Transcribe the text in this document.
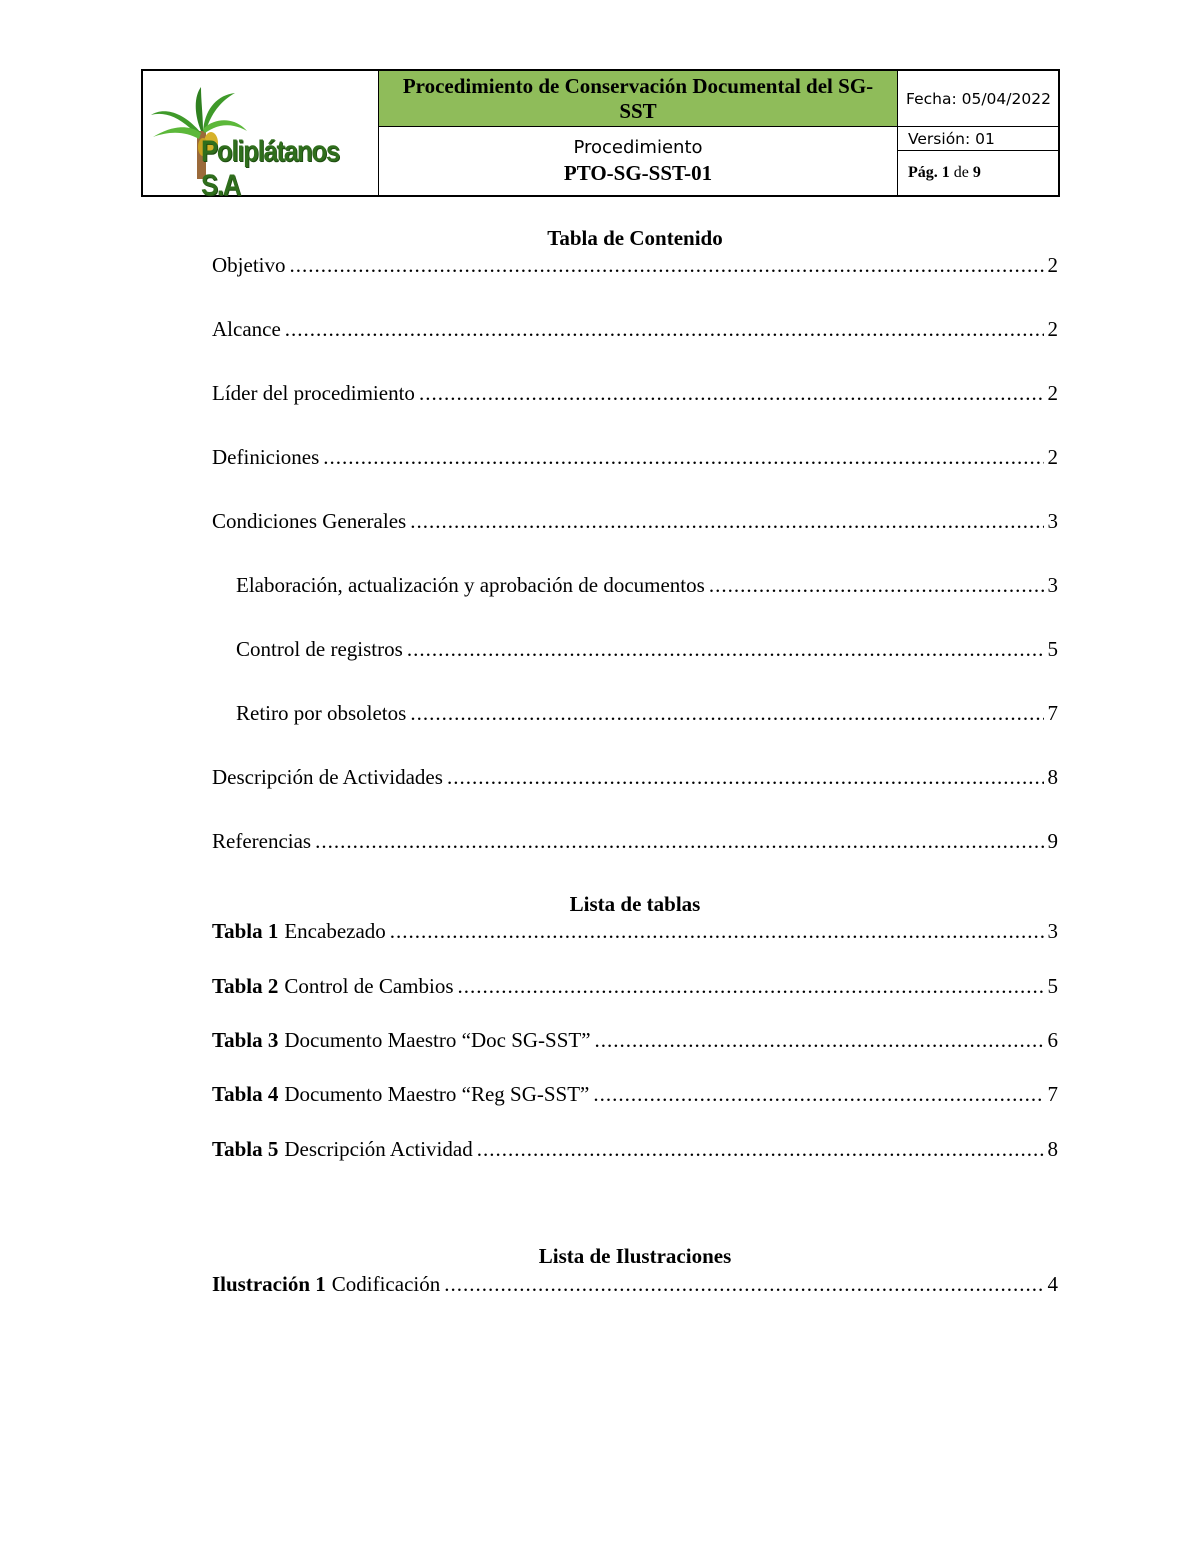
Poliplátanos S.A
Procedimiento de Conservación Documental del SG-SST
Procedimiento
PTO-SG-SST-01
Fecha: 05/04/2022
Versión: 01
Pág.
1
de
9
Tabla de Contenido
Objetivo .....	2
Alcance .....	2
Líder del procedimiento .....	2
Definiciones .....	2
Condiciones Generales .....	3
Elaboración, actualización y aprobación de documentos .....	3
Control de registros .....	5
Retiro por obsoletos .....	7
Descripción de Actividades .....	8
Referencias .....	9
Lista de tablas
Tabla 1 Encabezado .....	3
Tabla 2 Control de Cambios .....	5
Tabla 3 Documento Maestro “Doc SG-SST” .....	6
Tabla 4 Documento Maestro “Reg SG-SST” .....	7
Tabla 5 Descripción Actividad .....	8
Lista de Ilustraciones
Ilustración 1 Codificación .....	4
